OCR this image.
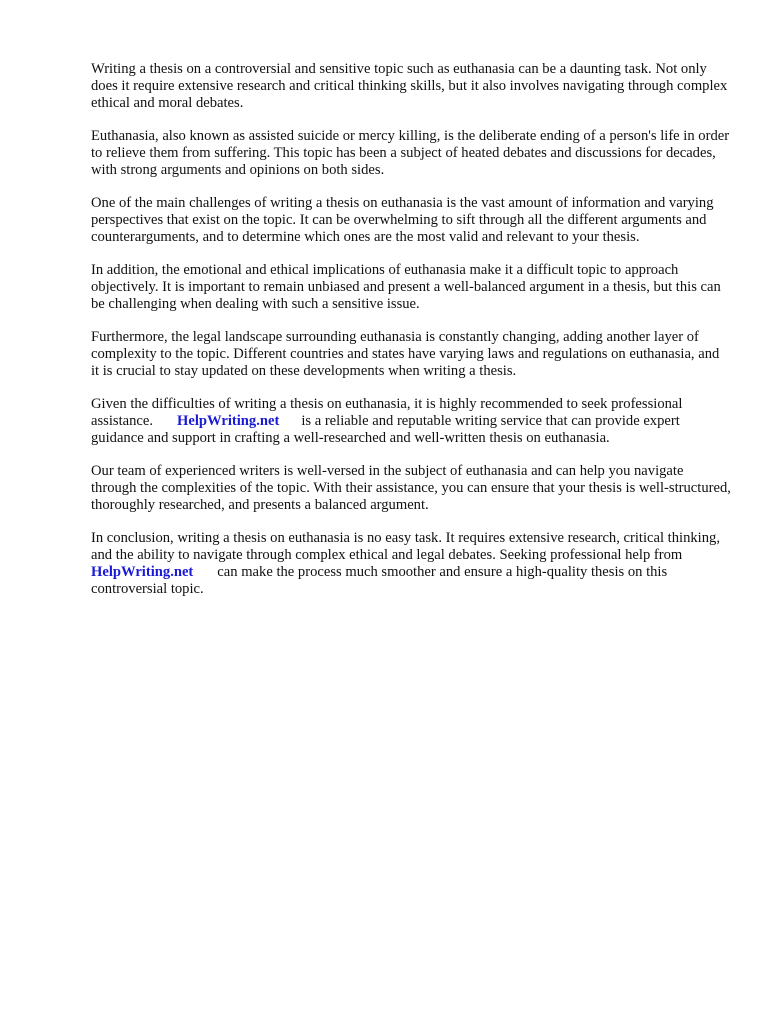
Writing a thesis on a controversial and sensitive topic such as euthanasia can be a daunting task. Not only does it require extensive research and critical thinking skills, but it also involves navigating through complex ethical and moral debates.

Euthanasia, also known as assisted suicide or mercy killing, is the deliberate ending of a person's life in order to relieve them from suffering. This topic has been a subject of heated debates and discussions for decades, with strong arguments and opinions on both sides.

One of the main challenges of writing a thesis on euthanasia is the vast amount of information and varying perspectives that exist on the topic. It can be overwhelming to sift through all the different arguments and counterarguments, and to determine which ones are the most valid and relevant to your thesis.

In addition, the emotional and ethical implications of euthanasia make it a difficult topic to approach objectively. It is important to remain unbiased and present a well-balanced argument in a thesis, but this can be challenging when dealing with such a sensitive issue.

Furthermore, the legal landscape surrounding euthanasia is constantly changing, adding another layer of complexity to the topic. Different countries and states have varying laws and regulations on euthanasia, and it is crucial to stay updated on these developments when writing a thesis.

Given the difficulties of writing a thesis on euthanasia, it is highly recommended to seek professional assistance. HelpWriting.net is a reliable and reputable writing service that can provide expert guidance and support in crafting a well-researched and well-written thesis on euthanasia.

Our team of experienced writers is well-versed in the subject of euthanasia and can help you navigate through the complexities of the topic. With their assistance, you can ensure that your thesis is well-structured, thoroughly researched, and presents a balanced argument.

In conclusion, writing a thesis on euthanasia is no easy task. It requires extensive research, critical thinking, and the ability to navigate through complex ethical and legal debates. Seeking professional help fromHelpWriting.net can make the process much smoother and ensure a high-quality thesis on this controversial topic.
